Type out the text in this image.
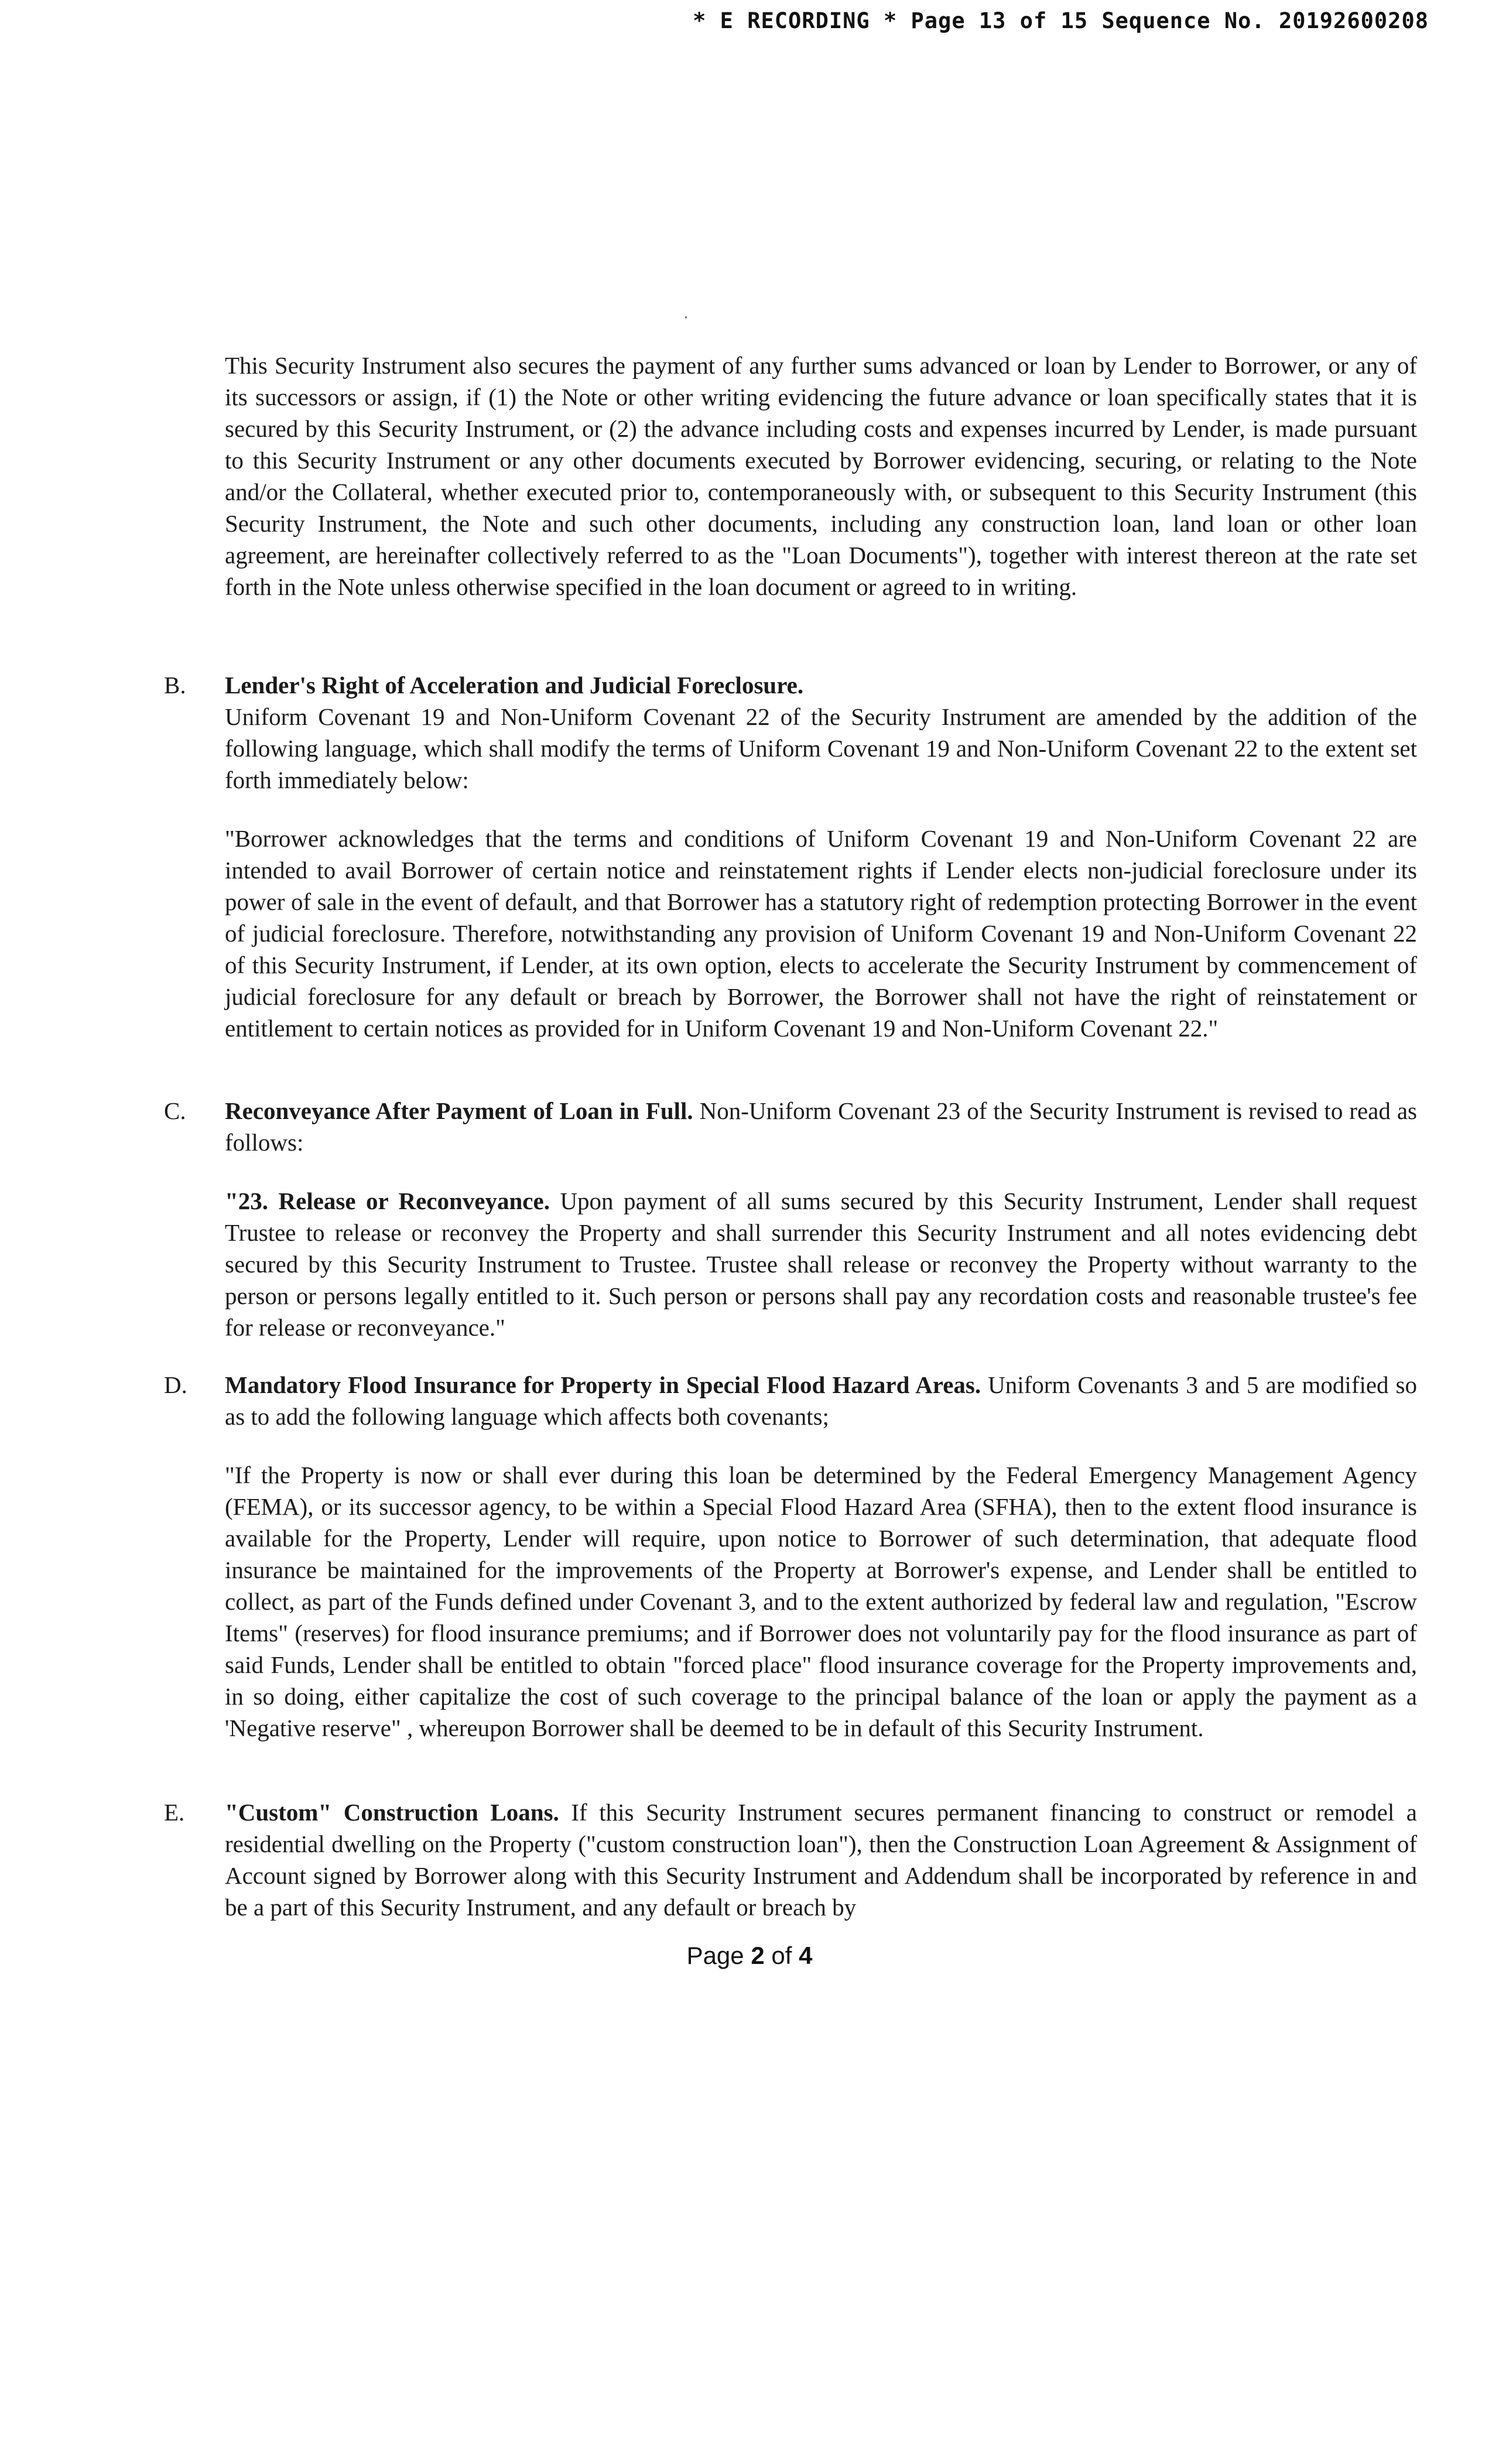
* E RECORDING * Page 13 of 15 Sequence No. 20192600208
This Security Instrument also secures the payment of any further sums advanced or loan by Lender to Borrower, or any of its successors or assign, if (1) the Note or other writing evidencing the future advance or loan specifically states that it is secured by this Security Instrument, or (2) the advance including costs and expenses incurred by Lender, is made pursuant to this Security Instrument or any other documents executed by Borrower evidencing, securing, or relating to the Note and/or the Collateral, whether executed prior to, contemporaneously with, or subsequent to this Security Instrument (this Security Instrument, the Note and such other documents, including any construction loan, land loan or other loan agreement, are hereinafter collectively referred to as the "Loan Documents"), together with interest thereon at the rate set forth in the Note unless otherwise specified in the loan document or agreed to in writing.
B. Lender's Right of Acceleration and Judicial Foreclosure.
Uniform Covenant 19 and Non-Uniform Covenant 22 of the Security Instrument are amended by the addition of the following language, which shall modify the terms of Uniform Covenant 19 and Non-Uniform Covenant 22 to the extent set forth immediately below:

"Borrower acknowledges that the terms and conditions of Uniform Covenant 19 and Non-Uniform Covenant 22 are intended to avail Borrower of certain notice and reinstatement rights if Lender elects non-judicial foreclosure under its power of sale in the event of default, and that Borrower has a statutory right of redemption protecting Borrower in the event of judicial foreclosure. Therefore, notwithstanding any provision of Uniform Covenant 19 and Non-Uniform Covenant 22 of this Security Instrument, if Lender, at its own option, elects to accelerate the Security Instrument by commencement of judicial foreclosure for any default or breach by Borrower, the Borrower shall not have the right of reinstatement or entitlement to certain notices as provided for in Uniform Covenant 19 and Non-Uniform Covenant 22."

C. Reconveyance After Payment of Loan in Full. Non-Uniform Covenant 23 of the Security Instrument is revised to read as follows:

"23. Release or Reconveyance. Upon payment of all sums secured by this Security Instrument, Lender shall request Trustee to release or reconvey the Property and shall surrender this Security Instrument and all notes evidencing debt secured by this Security Instrument to Trustee. Trustee shall release or reconvey the Property without warranty to the person or persons legally entitled to it. Such person or persons shall pay any recordation costs and reasonable trustee's fee for release or reconveyance."

D. Mandatory Flood Insurance for Property in Special Flood Hazard Areas. Uniform Covenants 3 and 5 are modified so as to add the following language which affects both covenants;

"If the Property is now or shall ever during this loan be determined by the Federal Emergency Management Agency (FEMA), or its successor agency, to be within a Special Flood Hazard Area (SFHA), then to the extent flood insurance is available for the Property, Lender will require, upon notice to Borrower of such determination, that adequate flood insurance be maintained for the improvements of the Property at Borrower's expense, and Lender shall be entitled to collect, as part of the Funds defined under Covenant 3, and to the extent authorized by federal law and regulation, "Escrow Items" (reserves) for flood insurance premiums; and if Borrower does not voluntarily pay for the flood insurance as part of said Funds, Lender shall be entitled to obtain "forced place" flood insurance coverage for the Property improvements and, in so doing, either capitalize the cost of such coverage to the principal balance of the loan or apply the payment as a 'Negative reserve" , whereupon Borrower shall be deemed to be in default of this Security Instrument.

E. "Custom" Construction Loans. If this Security Instrument secures permanent financing to construct or remodel a residential dwelling on the Property ("custom construction loan"), then the Construction Loan Agreement & Assignment of Account signed by Borrower along with this Security Instrument and Addendum shall be incorporated by reference in and be a part of this Security Instrument, and any default or breach by

Page 2 of 4
